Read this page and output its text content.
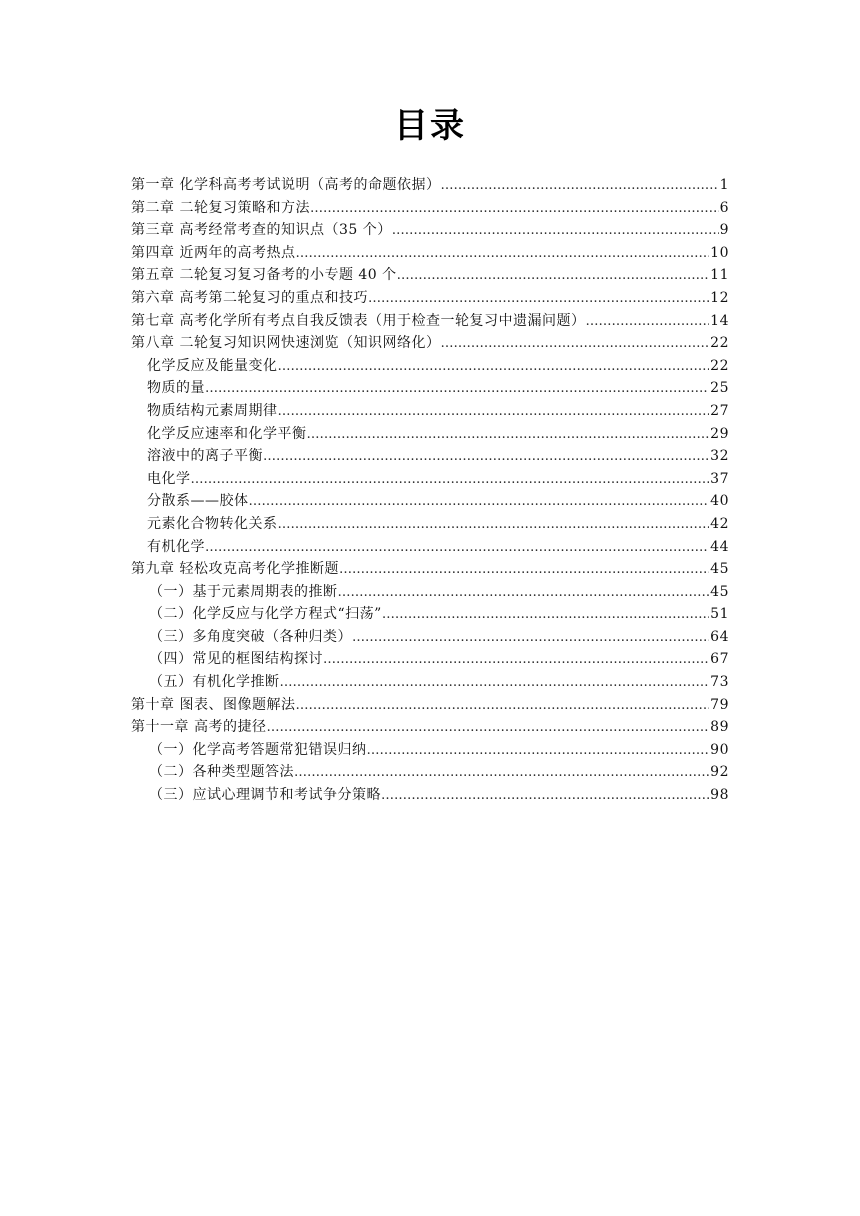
目录
第一章 化学科高考考试说明（高考的命题依据） ………………………………………………………………………………………………………………………………………………………………………………	1
第二章 二轮复习策略和方法 ………………………………………………………………………………………………………………………………………………………………………………	6
第三章 高考经常考查的知识点（35 个） ………………………………………………………………………………………………………………………………………………………………………………	9
第四章 近两年的高考热点 ………………………………………………………………………………………………………………………………………………………………………………	10
第五章 二轮复习复习备考的小专题 40 个 ………………………………………………………………………………………………………………………………………………………………………………	11
第六章 高考第二轮复习的重点和技巧 ………………………………………………………………………………………………………………………………………………………………………………	12
第七章 高考化学所有考点自我反馈表（用于检查一轮复习中遗漏问题） ………………………………………………………………………………………………………………………………………………………………………………	14
第八章 二轮复习知识网快速浏览（知识网络化） ………………………………………………………………………………………………………………………………………………………………………………	22
化学反应及能量变化 ………………………………………………………………………………………………………………………………………………………………………………	22
物质的量 ………………………………………………………………………………………………………………………………………………………………………………	25
物质结构元素周期律 ………………………………………………………………………………………………………………………………………………………………………………	27
化学反应速率和化学平衡 ………………………………………………………………………………………………………………………………………………………………………………	29
溶液中的离子平衡 ………………………………………………………………………………………………………………………………………………………………………………	32
电化学 ………………………………………………………………………………………………………………………………………………………………………………	37
分散系——胶体 ………………………………………………………………………………………………………………………………………………………………………………	40
元素化合物转化关系 ………………………………………………………………………………………………………………………………………………………………………………	42
有机化学 ………………………………………………………………………………………………………………………………………………………………………………	44
第九章 轻松攻克高考化学推断题 ………………………………………………………………………………………………………………………………………………………………………………	45
（一）基于元素周期表的推断 ………………………………………………………………………………………………………………………………………………………………………………	45
（二）化学反应与化学方程式“扫荡” ………………………………………………………………………………………………………………………………………………………………………………	51
（三）多角度突破（各种归类） ………………………………………………………………………………………………………………………………………………………………………………	64
（四）常见的框图结构探讨 ………………………………………………………………………………………………………………………………………………………………………………	67
（五）有机化学推断 ………………………………………………………………………………………………………………………………………………………………………………	73
第十章 图表、图像题解法 ………………………………………………………………………………………………………………………………………………………………………………	79
第十一章 高考的捷径 ………………………………………………………………………………………………………………………………………………………………………………	89
（一）化学高考答题常犯错误归纳 ………………………………………………………………………………………………………………………………………………………………………………	90
（二）各种类型题答法 ………………………………………………………………………………………………………………………………………………………………………………	92
（三）应试心理调节和考试争分策略 ………………………………………………………………………………………………………………………………………………………………………………	98
